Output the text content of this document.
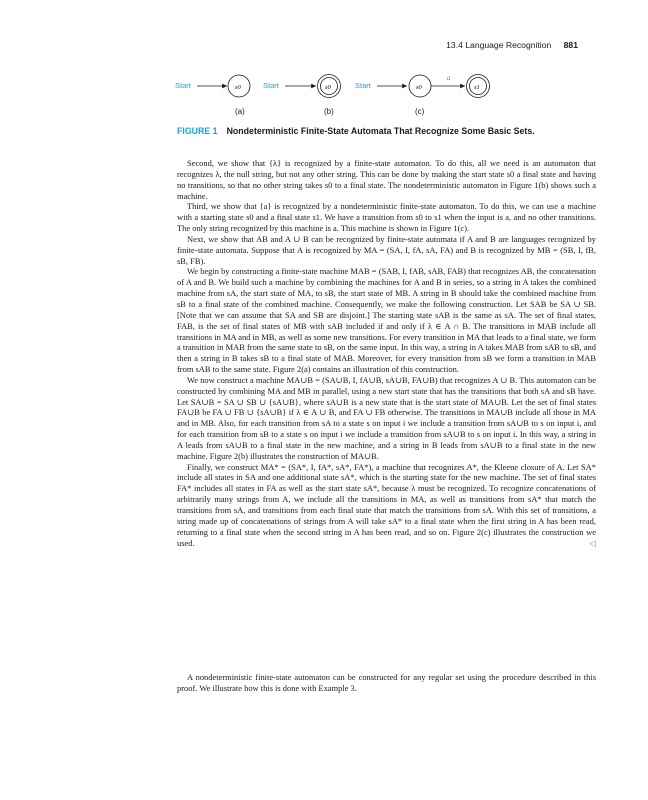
13.4 Language Recognition 881
Start	s0	Start	s0	Start	s0
a
s1
(a)	(b)	(c)
FIGURE 1 Nondeterministic Finite-State Automata That Recognize Some Basic Sets.

Second, we show that {λ} is recognized by a finite-state automaton. To do this, all we need is an automaton that recognizes λ, the null string, but not any other string. This can be done by making the start state s0 a final state and having no transitions, so that no other string takes s0 to a final state. The nondeterministic automaton in Figure 1(b) shows such a machine.

Third, we show that {a} is recognized by a nondeterministic finite-state automaton. To do this, we can use a machine with a starting state s0 and a final state s1. We have a transition from s0 to s1 when the input is a, and no other transitions. The only string recognized by this machine is a. This machine is shown in Figure 1(c).

Next, we show that AB and A ∪ B can be recognized by finite-state automata if A and B are languages recognized by finite-state automata. Suppose that A is recognized by MA = (SA, I, fA, sA, FA) and B is recognized by MB = (SB, I, fB, sB, FB).

We begin by constructing a finite-state machine MAB = (SAB, I, fAB, sAB, FAB) that recognizes AB, the concatenation of A and B. We build such a machine by combining the machines for A and B in series, so a string in A takes the combined machine from sA, the start state of MA, to sB, the start state of MB. A string in B should take the combined machine from sB to a final state of the combined machine. Consequently, we make the following construction. Let SAB be SA ∪ SB. [Note that we can assume that SA and SB are disjoint.] The starting state sAB is the same as sA. The set of final states, FAB, is the set of final states of MB with sAB included if and only if λ ∈ A ∩ B. The transitions in MAB include all transitions in MA and in MB, as well as some new transitions. For every transition in MA that leads to a final state, we form a transition in MAB from the same state to sB, on the same input. In this way, a string in A takes MAB from sAB to sB, and then a string in B takes sB to a final state of MAB. Moreover, for every transition from sB we form a transition in MAB from sAB to the same state. Figure 2(a) contains an illustration of this construction.

We now construct a machine MA∪B = (SA∪B, I, fA∪B, sA∪B, FA∪B) that recognizes A ∪ B. This automaton can be constructed by combining MA and MB in parallel, using a new start state that has the transitions that both sA and sB have. Let SA∪B = SA ∪ SB ∪ {sA∪B}, where sA∪B is a new state that is the start state of MA∪B. Let the set of final states FA∪B be FA ∪ FB ∪ {sA∪B} if λ ∈ A ∪ B, and FA ∪ FB otherwise. The transitions in MA∪B include all those in MA and in MB. Also, for each transition from sA to a state s on input i we include a transition from sA∪B to s on input i, and for each transition from sB to a state s on input i we include a transition from sA∪B to s on input i. In this way, a string in A leads from sA∪B to a final state in the new machine, and a string in B leads from sA∪B to a final state in the new machine. Figure 2(b) illustrates the construction of MA∪B.

Finally, we construct MA* = (SA*, I, fA*, sA*, FA*), a machine that recognizes A*, the Kleene closure of A. Let SA* include all states in SA and one additional state sA*, which is the starting state for the new machine. The set of final states FA* includes all states in FA as well as the start state sA*, because λ must be recognized. To recognize concatenations of arbitrarily many strings from A, we include all the transitions in MA, as well as transitions from sA* that match the transitions from sA, and transitions from each final state that match the transitions from sA. With this set of transitions, a string made up of concatenations of strings from A will take sA* to a final state when the first string in A has been read, returning to a final state when the second string in A has been read, and so on. Figure 2(c) illustrates the construction we used.	◁

A nondeterministic finite-state automaton can be constructed for any regular set using the procedure described in this proof. We illustrate how this is done with Example 3.
